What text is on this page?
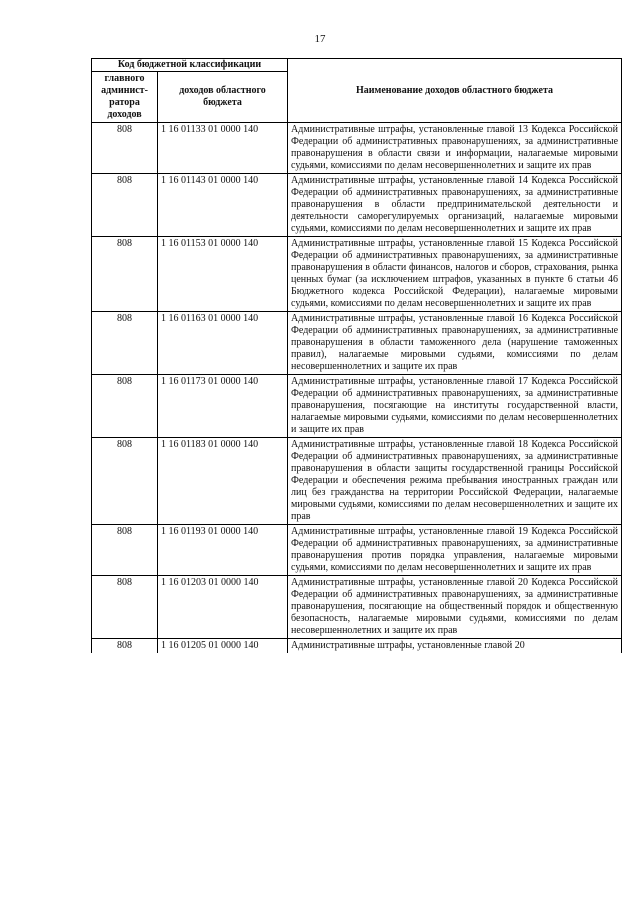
17
Код бюджетной классификации		Наименование доходов областного бюджета
главного админист-ратора доходов	доходов областного бюджета	
808	1 16 01133 01 0000 140	Административные штрафы, установленные главой 13 Кодекса Российской Федерации об административных правонарушениях, за административные правонарушения в области связи и информации, налагаемые мировыми судьями, комиссиями по делам несовершеннолетних и защите их прав
808	1 16 01143 01 0000 140	Административные штрафы, установленные главой 14 Кодекса Российской Федерации об административных правонарушениях, за административные правонарушения в области предпринимательской деятельности и деятельности саморегулируемых организаций, налагаемые мировыми судьями, комиссиями по делам несовершеннолетних и защите их прав
808	1 16 01153 01 0000 140	Административные штрафы, установленные главой 15 Кодекса Российской Федерации об административных правонарушениях, за административные правонарушения в области финансов, налогов и сборов, страхования, рынка ценных бумаг (за исключением штрафов, указанных в пункте 6 статьи 46 Бюджетного кодекса Российской Федерации), налагаемые мировыми судьями, комиссиями по делам несовершеннолетних и защите их прав
808	1 16 01163 01 0000 140	Административные штрафы, установленные главой 16 Кодекса Российской Федерации об административных правонарушениях, за административные правонарушения в области таможенного дела (нарушение таможенных правил), налагаемые мировыми судьями, комиссиями по делам несовершеннолетних и защите их прав
808	1 16 01173 01 0000 140	Административные штрафы, установленные главой 17 Кодекса Российской Федерации об административных правонарушениях, за административные правонарушения, посягающие на институты государственной власти, налагаемые мировыми судьями, комиссиями по делам несовершеннолетних и защите их прав
808	1 16 01183 01 0000 140	Административные штрафы, установленные главой 18 Кодекса Российской Федерации об административных правонарушениях, за административные правонарушения в области защиты государственной границы Российской Федерации и обеспечения режима пребывания иностранных граждан или лиц без гражданства на территории Российской Федерации, налагаемые мировыми судьями, комиссиями по делам несовершеннолетних и защите их прав
808	1 16 01193 01 0000 140	Административные штрафы, установленные главой 19 Кодекса Российской Федерации об административных правонарушениях, за административные правонарушения против порядка управления, налагаемые мировыми судьями, комиссиями по делам несовершеннолетних и защите их прав
808	1 16 01203 01 0000 140	Административные штрафы, установленные главой 20 Кодекса Российской Федерации об административных правонарушениях, за административные правонарушения, посягающие на общественный порядок и общественную безопасность, налагаемые мировыми судьями, комиссиями по делам несовершеннолетних и защите их прав
808	1 16 01205 01 0000 140	Административные штрафы, установленные главой 20
